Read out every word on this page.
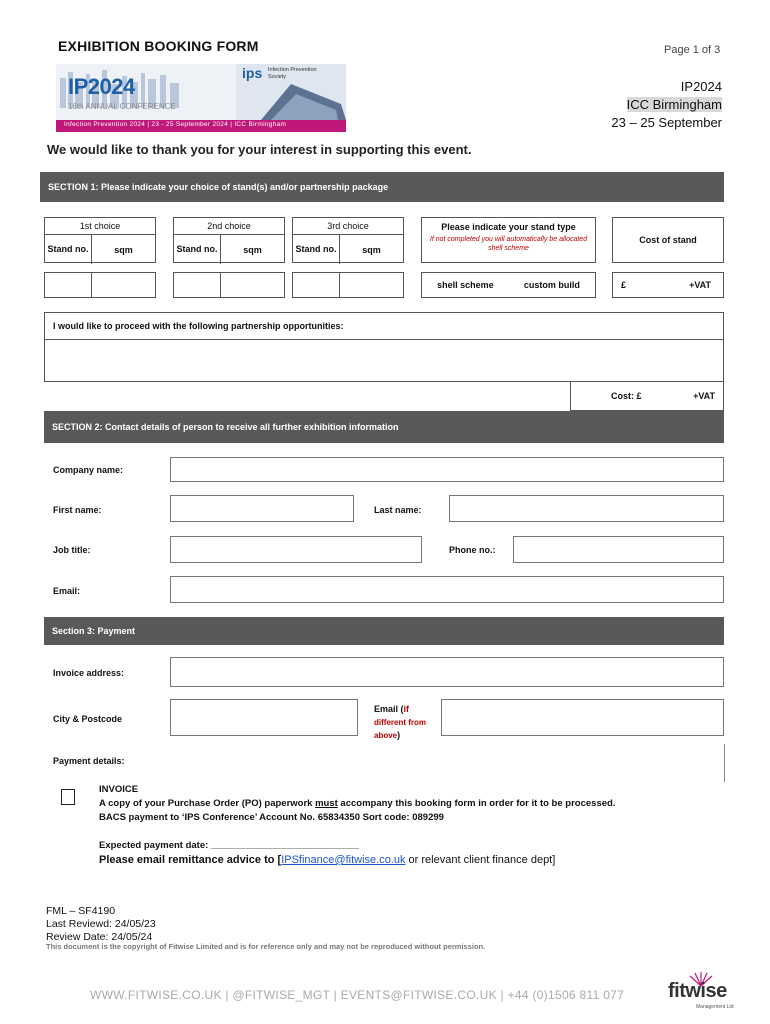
EXHIBITION BOOKING FORM	Page 1 of 3
IP2024
16th ANNUAL CONFERENCE
ips Infection Prevention
Society
Infection Prevention 2024 | 23 - 25 September 2024 | ICC Birmingham
IP2024
ICC Birmingham
23 – 25 September
We would like to thank you for your interest in supporting this event.
SECTION 1: Please indicate your choice of stand(s) and/or partnership package
1st choice
Stand no.	sqm
2nd choice
Stand no.	sqm
3rd choice
Stand no.	sqm
Please indicate your stand type
If not completed you will automatically be allocated shell scheme
shell scheme	custom build
Cost of stand
£	+VAT
I would like to proceed with the following partnership opportunities:
Cost: £	+VAT
SECTION 2: Contact details of person to receive all further exhibition information
Company name:
First name:	Last name:
Job title:	Phone no.:
Email:
Section 3: Payment
Invoice address:
City & Postcode
Email (if
different from
above)
Payment details:
INVOICE
A copy of your Purchase Order (PO) paperwork must accompany this booking form in order for it to be processed.
BACS payment to ‘IPS Conference’ Account No. 65834350 Sort code: 089299
Expected payment date: ____________________________
Please email remittance advice to [IPSfinance@fitwise.co.uk or relevant client finance dept]
FML – SF4190
Last Reviewd: 24/05/23
Review Date: 24/05/24
This document is the copyright of Fitwise Limited and is for reference only and may not be reproduced without permission.
WWW.FITWISE.CO.UK | @FITWISE_MGT | EVENTS@FITWISE.CO.UK | +44 (0)1506 811 077 fitwise
Management Ltd
